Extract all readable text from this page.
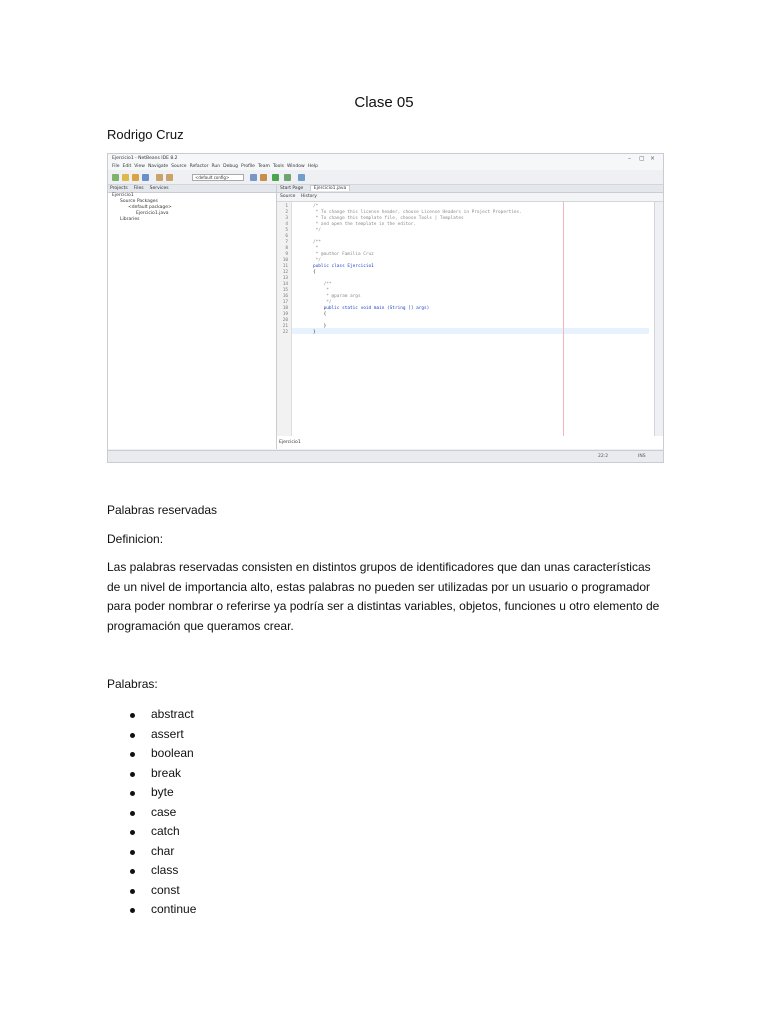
Clase 05
Rodrigo Cruz
Ejercicio1 - NetBeans IDE 8.2	– ▢ ×
File Edit View Navigate Source Refactor Run Debug Profile Team Tools Window Help
<default config>
Projects Files Services
Ejercicio1
Source Packages
<default package>
Ejercicio1.java
Libraries
Start Page Ejercicio1.java
Source History
1	/*
2	* To change this license header, choose License Headers in Project Properties.
3	* To change this template file, choose Tools | Templates
4	* and open the template in the editor.
5	*/
6
7	/**
8	*
9	* @author Familia Cruz
10	*/
11	public class Ejercicio1
12	{
13
14	/**
15	*
16	* @param args
17	*/
18	public static void main (String [] args)
19	{
20
21	}
22	}
Ejercicio1
22:2	INS
Palabras reservadas
Definicion:
Las palabras reservadas consisten en distintos grupos de identificadores que dan unas características de un nivel de importancia alto, estas palabras no pueden ser utilizadas por un usuario o programador para poder nombrar o referirse ya podría ser a distintas variables, objetos, funciones u otro elemento de programación que queramos crear.
Palabras:
abstract
assert
boolean
break
byte
case
catch
char
class
const
continue
